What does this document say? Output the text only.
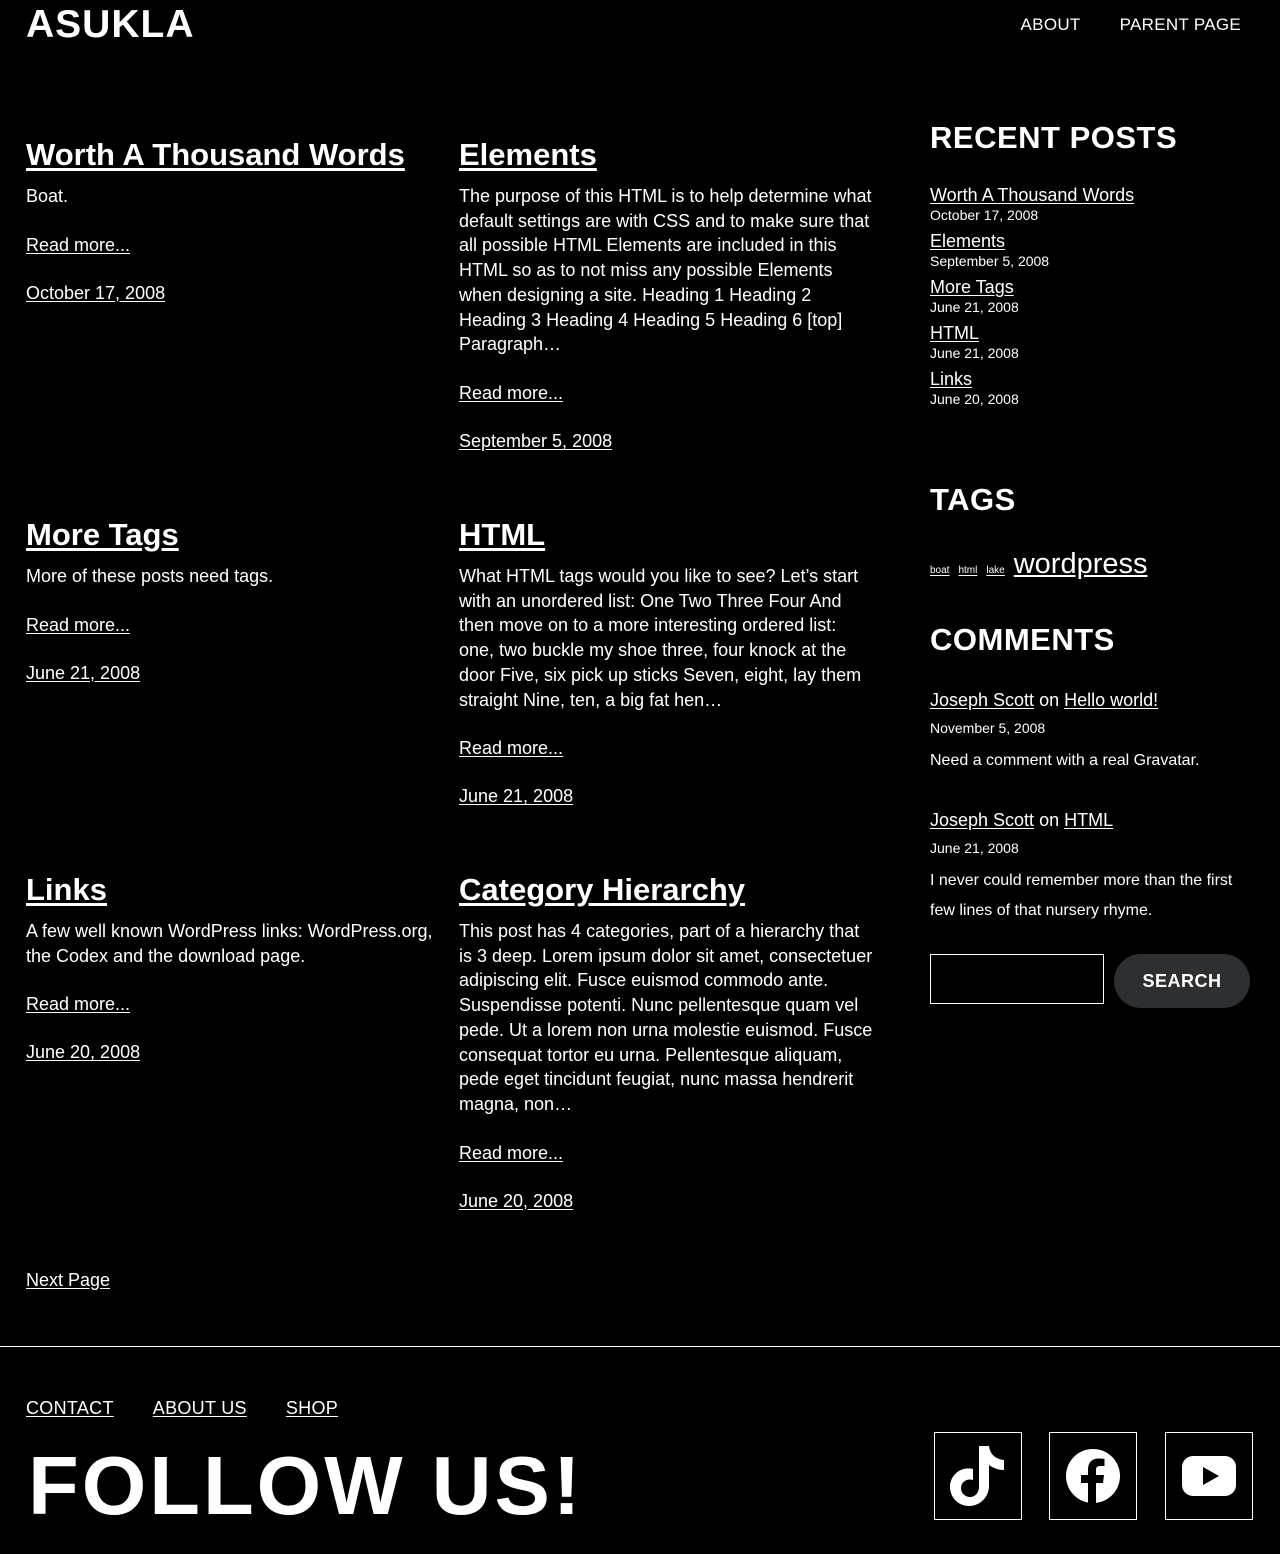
ASUKLA	ABOUT PARENT PAGE
Worth A Thousand Words

Boat.

Read more...
October 17, 2008
Elements

The purpose of this HTML is to help determine what default settings are with CSS and to make sure that all possible HTML Elements are included in this HTML so as to not miss any possible Elements when designing a site. Heading 1 Heading 2 Heading 3 Heading 4 Heading 5 Heading 6 [top] Paragraph…

Read more...
September 5, 2008
More Tags

More of these posts need tags.

Read more...
June 21, 2008
HTML

What HTML tags would you like to see? Let’s start with an unordered list: One Two Three Four And then move on to a more interesting ordered list: one, two buckle my shoe three, four knock at the door Five, six pick up sticks Seven, eight, lay them straight Nine, ten, a big fat hen…

Read more...
June 21, 2008
Links

A few well known WordPress links: WordPress.org, the Codex and the download page.

Read more...
June 20, 2008
Category Hierarchy

This post has 4 categories, part of a hierarchy that is 3 deep. Lorem ipsum dolor sit amet, consectetuer adipiscing elit. Fusce euismod commodo ante. Suspendisse potenti. Nunc pellentesque quam vel pede. Ut a lorem non urna molestie euismod. Fusce consequat tortor eu urna. Pellentesque aliquam, pede eget tincidunt feugiat, nunc massa hendrerit magna, non…

Read more...
June 20, 2008
Next Page
RECENT POSTS
Worth A Thousand Words
October 17, 2008
Elements
September 5, 2008
More Tags
June 21, 2008
HTML
June 21, 2008
Links
June 20, 2008
TAGS
boat html lake wordpress
COMMENTS
Joseph Scott on Hello world!
November 5, 2008
Need a comment with a real Gravatar.
Joseph Scott on HTML
June 21, 2008
I never could remember more than the first few lines of that nursery rhyme.
SEARCH
CONTACT ABOUT US SHOP
FOLLOW US!
